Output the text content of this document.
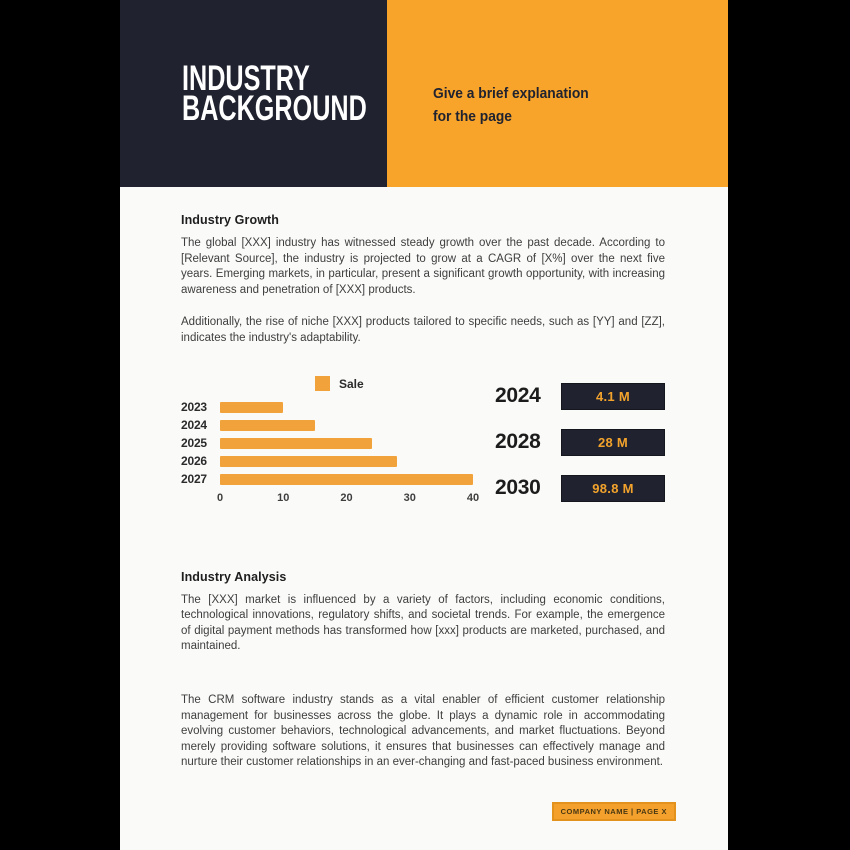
INDUSTRY
BACKGROUND	Give a brief explanation
for the page

Industry Growth

The global [XXX] industry has witnessed steady growth over the past decade. According to [Relevant Source], the industry is projected to grow at a CAGR of [X%] over the next five years. Emerging markets, in particular, present a significant growth opportunity, with increasing awareness and penetration of [XXX] products.

Additionally, the rise of niche [XXX] products tailored to specific needs, such as [YY] and [ZZ], indicates the industry's adaptability.

Sale
2023
2024
2025
2026
2027
0	10	20	30	40
2024	4.1 M
2028	28 M
2030	98.8 M
Industry Analysis

The [XXX] market is influenced by a variety of factors, including economic conditions, technological innovations, regulatory shifts, and societal trends. For example, the emergence of digital payment methods has transformed how [xxx] products are marketed, purchased, and maintained.

The CRM software industry stands as a vital enabler of efficient customer relationship management for businesses across the globe. It plays a dynamic role in accommodating evolving customer behaviors, technological advancements, and market fluctuations. Beyond merely providing software solutions, it ensures that businesses can effectively manage and nurture their customer relationships in an ever-changing and fast-paced business environment.

COMPANY NAME | PAGE X
